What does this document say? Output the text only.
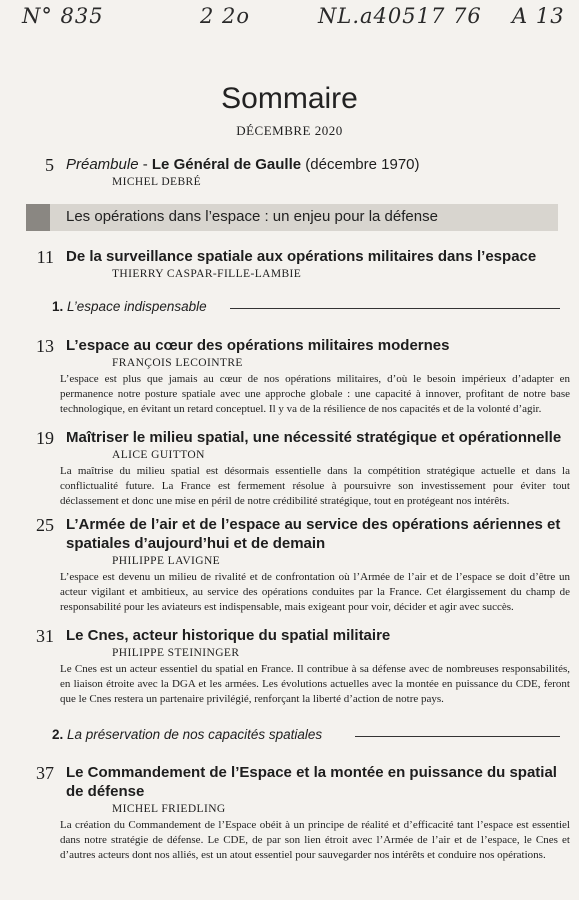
N° 835	2 2o	NL.a40517 76 A 13
Sommaire
DÉCEMBRE 2020
5 Préambule - Le Général de Gaulle (décembre 1970)
MICHEL DEBRÉ
Les opérations dans l’espace : un enjeu pour la défense
11 De la surveillance spatiale aux opérations militaires dans l’espace
THIERRY CASPAR-FILLE-LAMBIE
1. L’espace indispensable
13 L’espace au cœur des opérations militaires modernes
FRANÇOIS LECOINTRE
L’espace est plus que jamais au cœur de nos opérations militaires, d’où le besoin impérieux d’adapter en permanence notre posture spatiale avec une approche globale : une capacité à innover, profitant de notre base technologique, en évitant un retard conceptuel. Il y va de la résilience de nos capacités et de la volonté d’agir.
19 Maîtriser le milieu spatial, une nécessité stratégique et opérationnelle
ALICE GUITTON
La maîtrise du milieu spatial est désormais essentielle dans la compétition stratégique actuelle et dans la conflictualité future. La France est fermement résolue à poursuivre son investissement pour éviter tout déclassement et donc une mise en péril de notre crédibilité stratégique, tout en protégeant nos intérêts.
25 L’Armée de l’air et de l’espace au service des opérations aériennes et spatiales d’aujourd’hui et de demain
PHILIPPE LAVIGNE
L’espace est devenu un milieu de rivalité et de confrontation où l’Armée de l’air et de l’espace se doit d’être un acteur vigilant et ambitieux, au service des opérations conduites par la France. Cet élargissement du champ de responsabilité pour les aviateurs est indispensable, mais exigeant pour voir, décider et agir avec succès.
31 Le Cnes, acteur historique du spatial militaire
PHILIPPE STEININGER
Le Cnes est un acteur essentiel du spatial en France. Il contribue à sa défense avec de nombreuses responsabilités, en liaison étroite avec la DGA et les armées. Les évolutions actuelles avec la montée en puissance du CDE, feront que le Cnes restera un partenaire privilégié, renforçant la liberté d’action de notre pays.
2. La préservation de nos capacités spatiales
37 Le Commandement de l’Espace et la montée en puissance du spatial de défense
MICHEL FRIEDLING
La création du Commandement de l’Espace obéit à un principe de réalité et d’efficacité tant l’espace est essentiel dans notre stratégie de défense. Le CDE, de par son lien étroit avec l’Armée de l’air et de l’espace, le Cnes et d’autres acteurs dont nos alliés, est un atout essentiel pour sauvegarder nos intérêts et conduire nos opérations.
